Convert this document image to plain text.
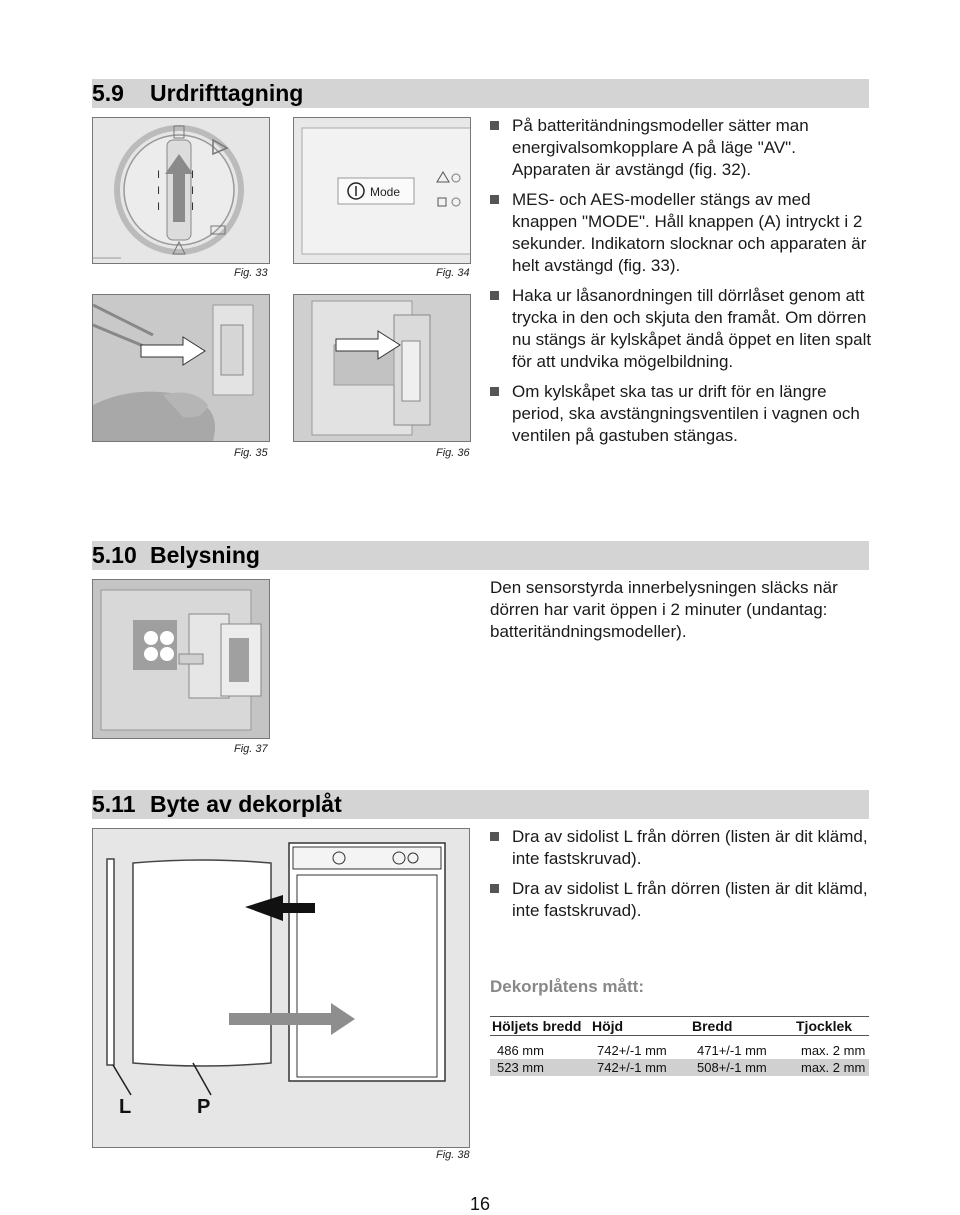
5.9 Urdrifttagning
I
I
I
I
I
I
Fig. 33
Mode
Fig. 34
Fig. 35	Fig. 36
På batteritändningsmodeller sätter man energivalsomkopplare A på läge "AV". Apparaten är avstängd (fig. 32).
MES- och AES-modeller stängs av med knappen "MODE". Håll knappen (A) intryckt i 2 sekunder. Indikatorn slocknar och apparaten är helt avstängd (fig. 33).
Haka ur låsanordningen till dörrlåset genom att trycka in den och skjuta den framåt. Om dörren nu stängs är kylskåpet ändå öppet en liten spalt för att undvika mögelbildning.
Om kylskåpet ska tas ur drift för en längre period, ska avstängningsventilen i vagnen och ventilen på gastuben stängas.
5.10 Belysning
Fig. 37
Den sensorstyrda innerbelysningen släcks när dörren har varit öppen i 2 minuter (undantag: batteritändningsmodeller).
5.11 Byte av dekorplåt
L	P
Fig. 38
Dra av sidolist L från dörren (listen är dit klämd, inte fastskruvad).
Dra av sidolist L från dörren (listen är dit klämd, inte fastskruvad).
Dekorplåtens mått:
Höljets bredd	Höjd	Bredd	Tjocklek

486 mm	742+/-1 mm	471+/-1 mm	max. 2 mm
523 mm	742+/-1 mm	508+/-1 mm	max. 2 mm
16
